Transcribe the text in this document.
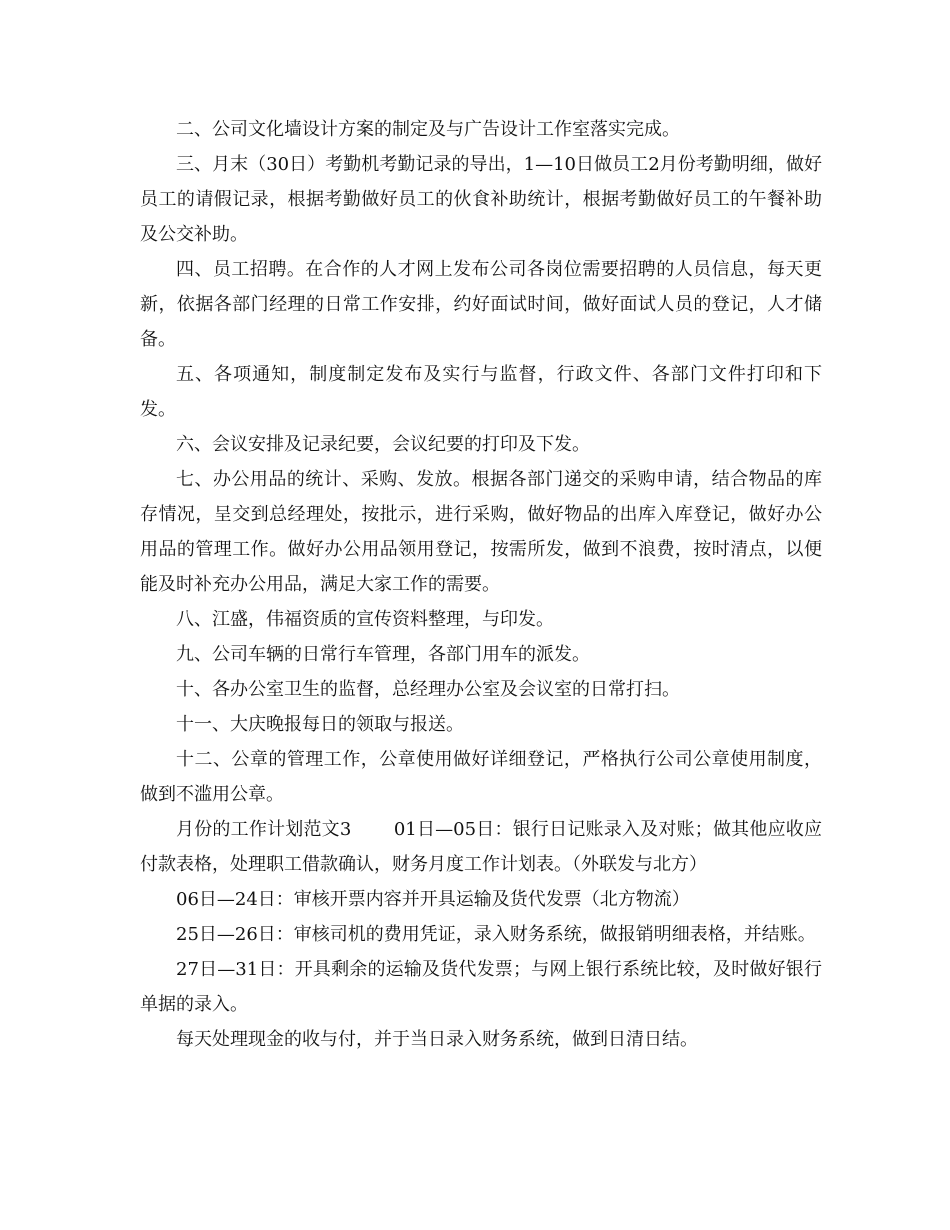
二、公司文化墙设计方案的制定及与广告设计工作室落实完成。

三、月末（30日）考勤机考勤记录的导出，1—10日做员工2月份考勤明细，做好员工的请假记录，根据考勤做好员工的伙食补助统计，根据考勤做好员工的午餐补助及公交补助。

四、员工招聘。在合作的人才网上发布公司各岗位需要招聘的人员信息，每天更新，依据各部门经理的日常工作安排，约好面试时间，做好面试人员的登记，人才储备。

五、各项通知，制度制定发布及实行与监督，行政文件、各部门文件打印和下发。

六、会议安排及记录纪要，会议纪要的打印及下发。

七、办公用品的统计、采购、发放。根据各部门递交的采购申请，结合物品的库存情况，呈交到总经理处，按批示，进行采购，做好物品的出库入库登记，做好办公用品的管理工作。做好办公用品领用登记，按需所发，做到不浪费，按时清点，以便能及时补充办公用品，满足大家工作的需要。

八、江盛，伟福资质的宣传资料整理，与印发。

九、公司车辆的日常行车管理，各部门用车的派发。

十、各办公室卫生的监督，总经理办公室及会议室的日常打扫。

十一、大庆晚报每日的领取与报送。

十二、公章的管理工作，公章使用做好详细登记，严格执行公司公章使用制度，做到不滥用公章。

月份的工作计划范文3　　 01日—05日：银行日记账录入及对账；做其他应收应付款表格，处理职工借款确认，财务月度工作计划表。（外联发与北方）

06日—24日：审核开票内容并开具运输及货代发票（北方物流）

25日—26日：审核司机的费用凭证，录入财务系统，做报销明细表格，并结账。

27日—31日：开具剩余的运输及货代发票；与网上银行系统比较，及时做好银行单据的录入。

每天处理现金的收与付，并于当日录入财务系统，做到日清日结。
